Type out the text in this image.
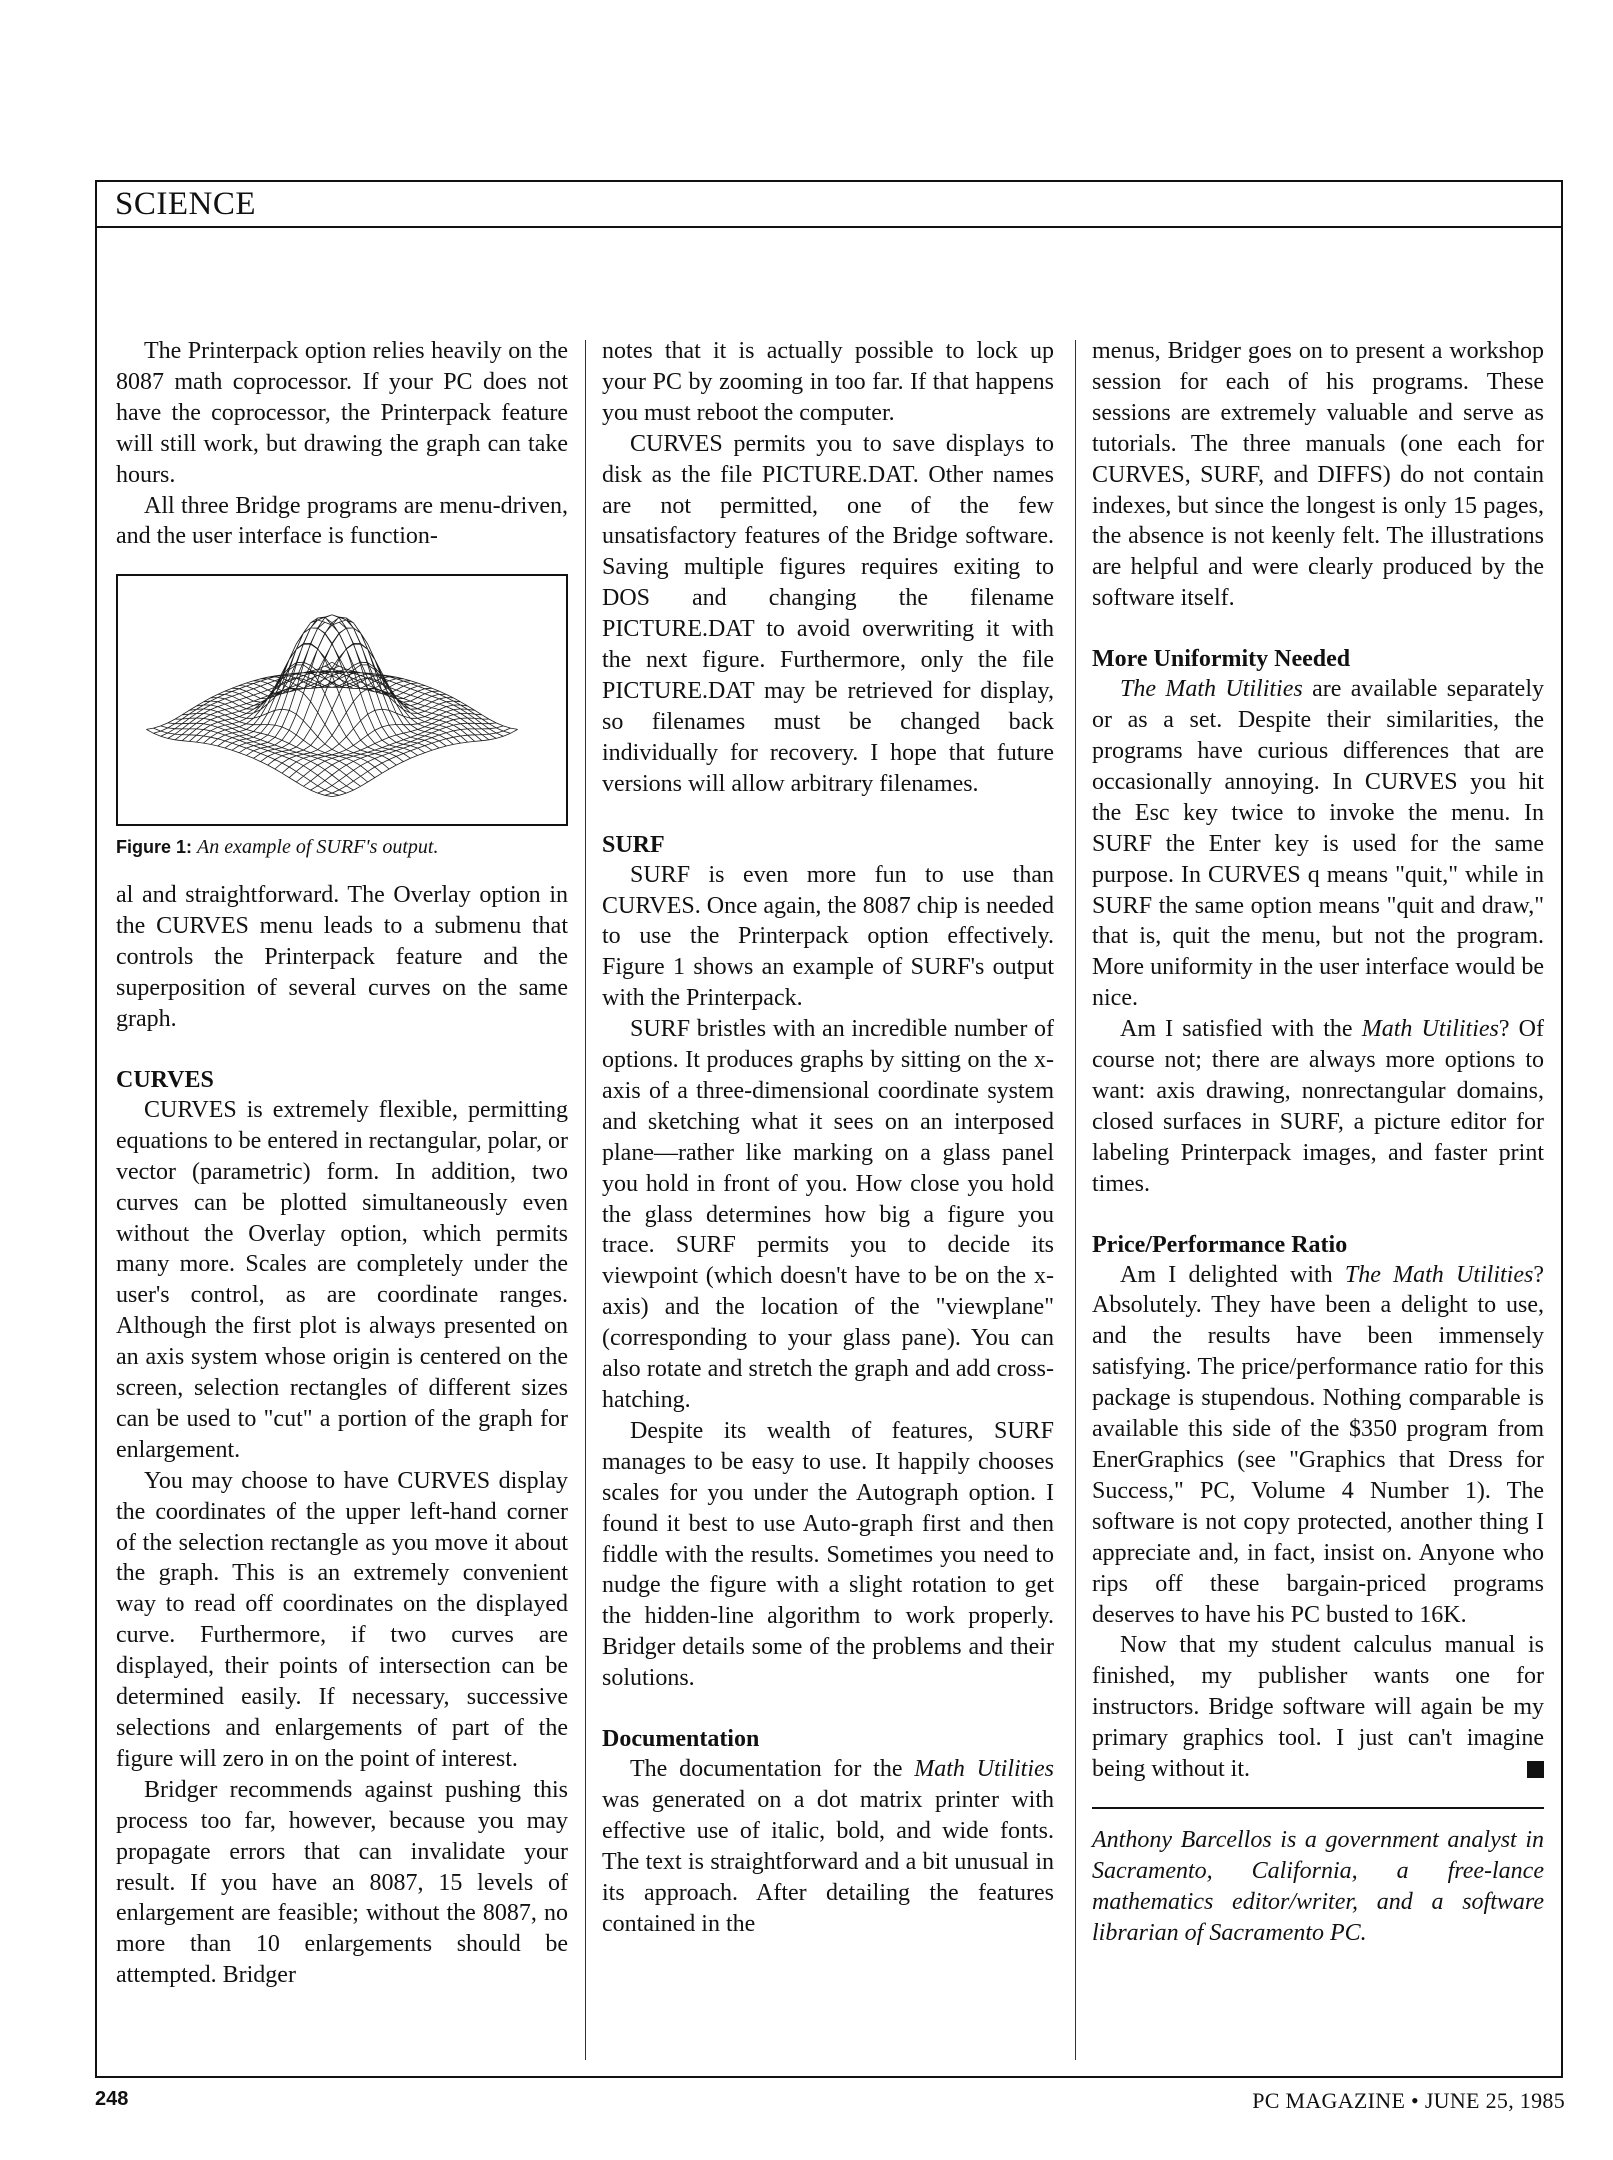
SCIENCE

The Printerpack option relies heavily on the 8087 math coprocessor. If your PC does not have the coprocessor, the Printerpack feature will still work, but drawing the graph can take hours.

All three Bridge programs are menu-driven, and the user interface is function-

Figure 1: An example of SURF's output.

al and straightforward. The Overlay option in the CURVES menu leads to a submenu that controls the Printerpack feature and the superposition of several curves on the same graph.

CURVES

CURVES is extremely flexible, permitting equations to be entered in rectangular, polar, or vector (parametric) form. In addition, two curves can be plotted simultaneously even without the Overlay option, which permits many more. Scales are completely under the user's control, as are coordinate ranges. Although the first plot is always presented on an axis system whose origin is centered on the screen, selection rectangles of different sizes can be used to "cut" a portion of the graph for enlargement.

You may choose to have CURVES display the coordinates of the upper left-hand corner of the selection rectangle as you move it about the graph. This is an extremely convenient way to read off coordinates on the displayed curve. Furthermore, if two curves are displayed, their points of intersection can be determined easily. If necessary, successive selections and enlargements of part of the figure will zero in on the point of interest.

Bridger recommends against pushing this process too far, however, because you may propagate errors that can invalidate your result. If you have an 8087, 15 levels of enlargement are feasible; without the 8087, no more than 10 enlargements should be attempted. Bridger

notes that it is actually possible to lock up your PC by zooming in too far. If that happens you must reboot the computer.

CURVES permits you to save displays to disk as the file PICTURE.DAT. Other names are not permitted, one of the few unsatisfactory features of the Bridge software. Saving multiple figures requires exiting to DOS and changing the filename PICTURE.DAT to avoid overwriting it with the next figure. Furthermore, only the file PICTURE.DAT may be retrieved for display, so filenames must be changed back individually for recovery. I hope that future versions will allow arbitrary filenames.

SURF

SURF is even more fun to use than CURVES. Once again, the 8087 chip is needed to use the Printerpack option effectively. Figure 1 shows an example of SURF's output with the Printerpack.

SURF bristles with an incredible number of options. It produces graphs by sitting on the x-axis of a three-dimensional coordinate system and sketching what it sees on an interposed plane—rather like marking on a glass panel you hold in front of you. How close you hold the glass determines how big a figure you trace. SURF permits you to decide its viewpoint (which doesn't have to be on the x-axis) and the location of the "viewplane" (corresponding to your glass pane). You can also rotate and stretch the graph and add cross-hatching.

Despite its wealth of features, SURF manages to be easy to use. It happily chooses scales for you under the Autograph option. I found it best to use Auto-graph first and then fiddle with the results. Sometimes you need to nudge the figure with a slight rotation to get the hidden-line algorithm to work properly. Bridger details some of the problems and their solutions.

Documentation

The documentation for the Math Utilities was generated on a dot matrix printer with effective use of italic, bold, and wide fonts. The text is straightforward and a bit unusual in its approach. After detailing the features contained in the

menus, Bridger goes on to present a workshop session for each of his programs. These sessions are extremely valuable and serve as tutorials. The three manuals (one each for CURVES, SURF, and DIFFS) do not contain indexes, but since the longest is only 15 pages, the absence is not keenly felt. The illustrations are helpful and were clearly produced by the software itself.

More Uniformity Needed

The Math Utilities are available separately or as a set. Despite their similarities, the programs have curious differences that are occasionally annoying. In CURVES you hit the Esc key twice to invoke the menu. In SURF the Enter key is used for the same purpose. In CURVES q means "quit," while in SURF the same option means "quit and draw," that is, quit the menu, but not the program. More uniformity in the user interface would be nice.

Am I satisfied with the Math Utilities? Of course not; there are always more options to want: axis drawing, nonrectangular domains, closed surfaces in SURF, a picture editor for labeling Printerpack images, and faster print times.

Price/Performance Ratio

Am I delighted with The Math Utilities? Absolutely. They have been a delight to use, and the results have been immensely satisfying. The price/performance ratio for this package is stupendous. Nothing comparable is available this side of the $350 program from EnerGraphics (see "Graphics that Dress for Success," PC, Volume 4 Number 1). The software is not copy protected, another thing I appreciate and, in fact, insist on. Anyone who rips off these bargain-priced programs deserves to have his PC busted to 16K.

Now that my student calculus manual is finished, my publisher wants one for instructors. Bridge software will again be my primary graphics tool. I just can't imagine being without it.

Anthony Barcellos is a government analyst in Sacramento, California, a free-lance mathematics editor/writer, and a software librarian of Sacramento PC.
248	PC MAGAZINE • JUNE 25, 1985
